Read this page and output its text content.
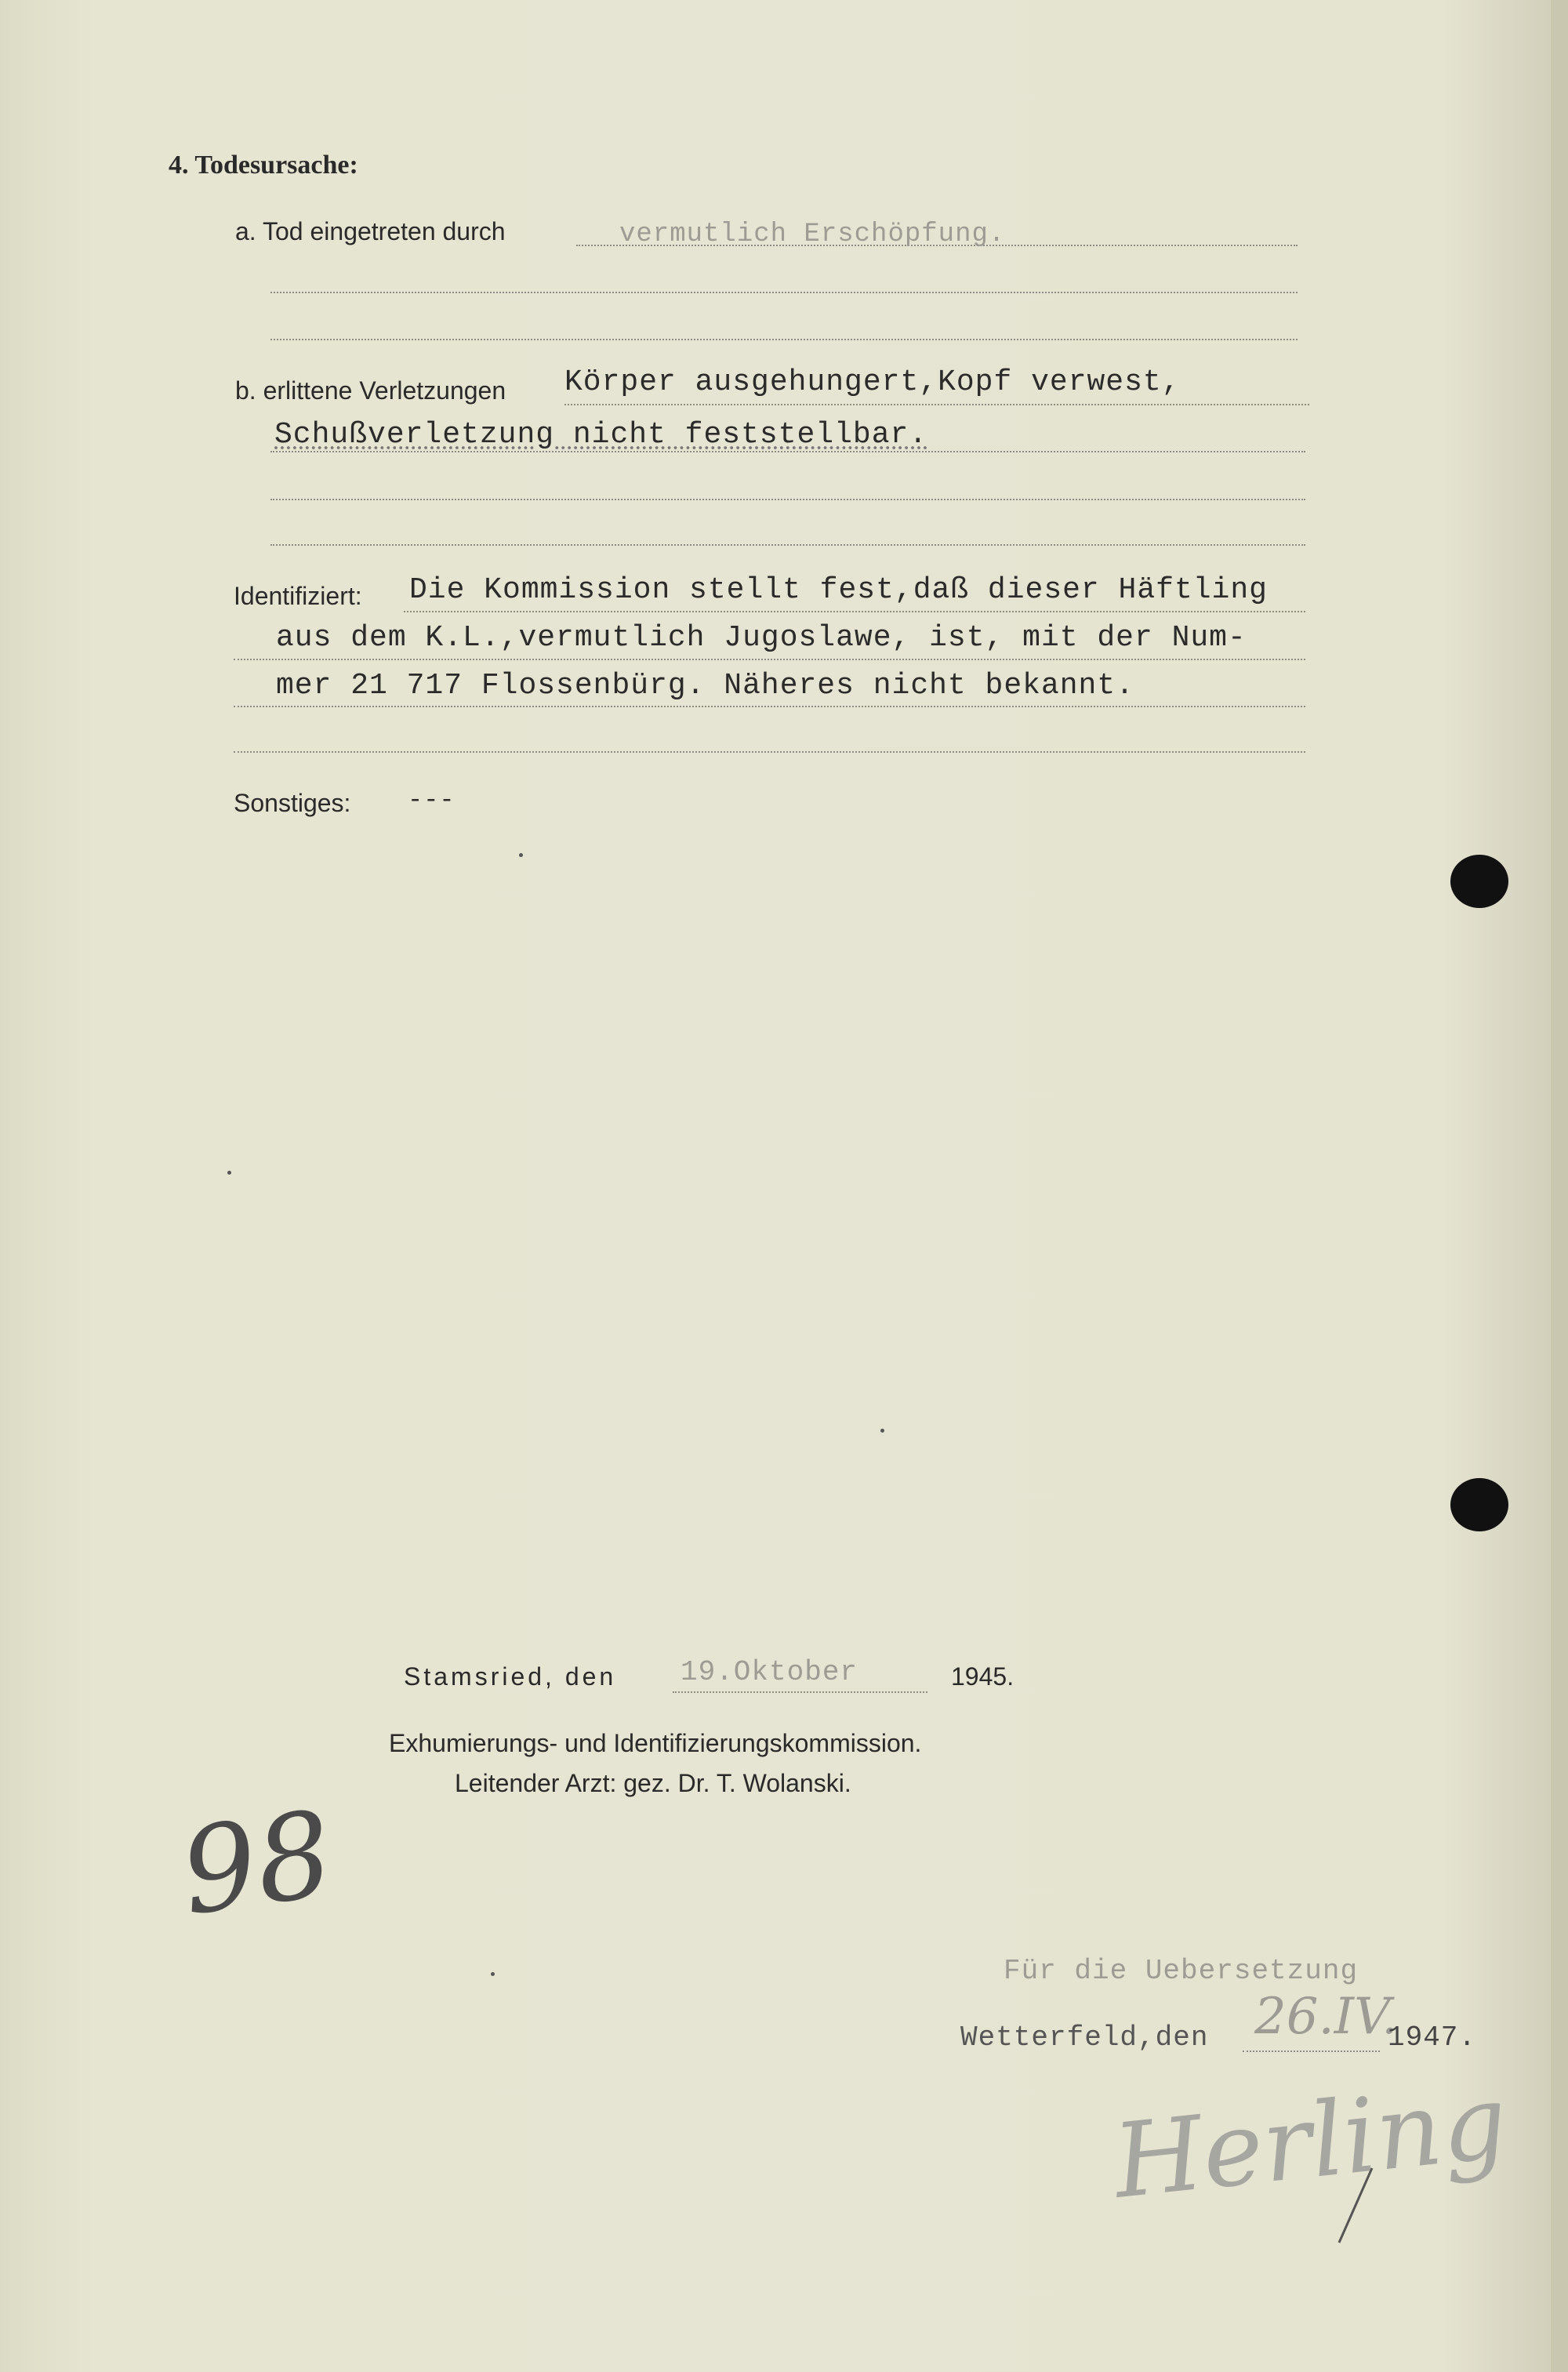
4. Todesursache:
a. Tod eingetreten durch	vermutlich Erschöpfung.
b. erlittene Verletzungen Körper ausgehungert,Kopf verwest,
Schußverletzung nicht feststellbar.
Identifiziert: Die Kommission stellt fest,daß dieser Häftling
aus dem K.L.,vermutlich Jugoslawe, ist, mit der Num-
mer 21 717 Flossenbürg. Näheres nicht bekannt.
Sonstiges: ---
Stamsried, den 19.Oktober	1945.
Exhumierungs- und Identifizierungskommission.
Leitender Arzt: gez. Dr. T. Wolanski.
98
Für die Uebersetzung
Wetterfeld,den 26.IV.
1947.
Herling
